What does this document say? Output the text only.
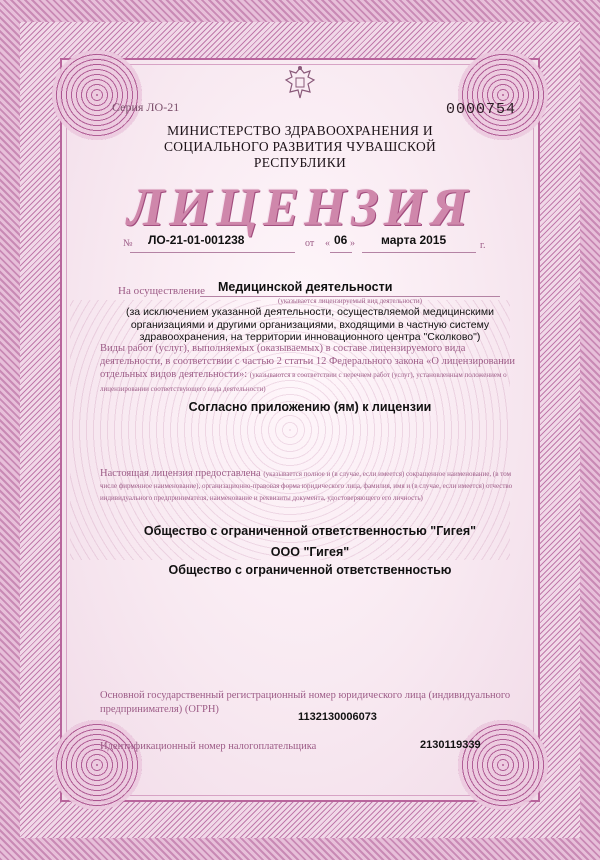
Серия ЛО-21	0000754
МИНИСТЕРСТВО ЗДРАВООХРАНЕНИЯ И СОЦИАЛЬНОГО РАЗВИТИЯ ЧУВАШСКОЙ РЕСПУБЛИКИ
ЛИЦЕНЗИЯ
№ ЛО-21-01-001238	от « 06 » марта 2015	г.
На осуществление Медицинской деятельности
(указывается лицензируемый вид деятельности)
(за исключением указанной деятельности, осуществляемой медицинскими организациями и другими организациями, входящими в частную систему здравоохранения, на территории инновационного центра "Сколково")
Виды работ (услуг), выполняемых (оказываемых) в составе лицензируемого вида деятельности, в соответствии с частью 2 статьи 12 Федерального закона «О лицензировании отдельных видов деятельности»: (указываются в соответствии с перечнем работ (услуг), установленным положением о лицензировании соответствующего вида деятельности)
Согласно приложению (ям) к лицензии
Настоящая лицензия предоставлена (указывается полное и (в случае, если имеется) сокращенное наименование, (в том числе фирменное наименование), организационно-правовая форма юридического лица, фамилия, имя и (в случае, если имеется) отчество индивидуального предпринимателя, наименование и реквизиты документа, удостоверяющего его личность)
Общество с ограниченной ответственностью "Гигея"
ООО "Гигея"
Общество с ограниченной ответственностью
Основной государственный регистрационный номер юридического лица (индивидуального предпринимателя) (ОГРН)
1132130006073
Идентификационный номер налогоплательщика	2130119339
